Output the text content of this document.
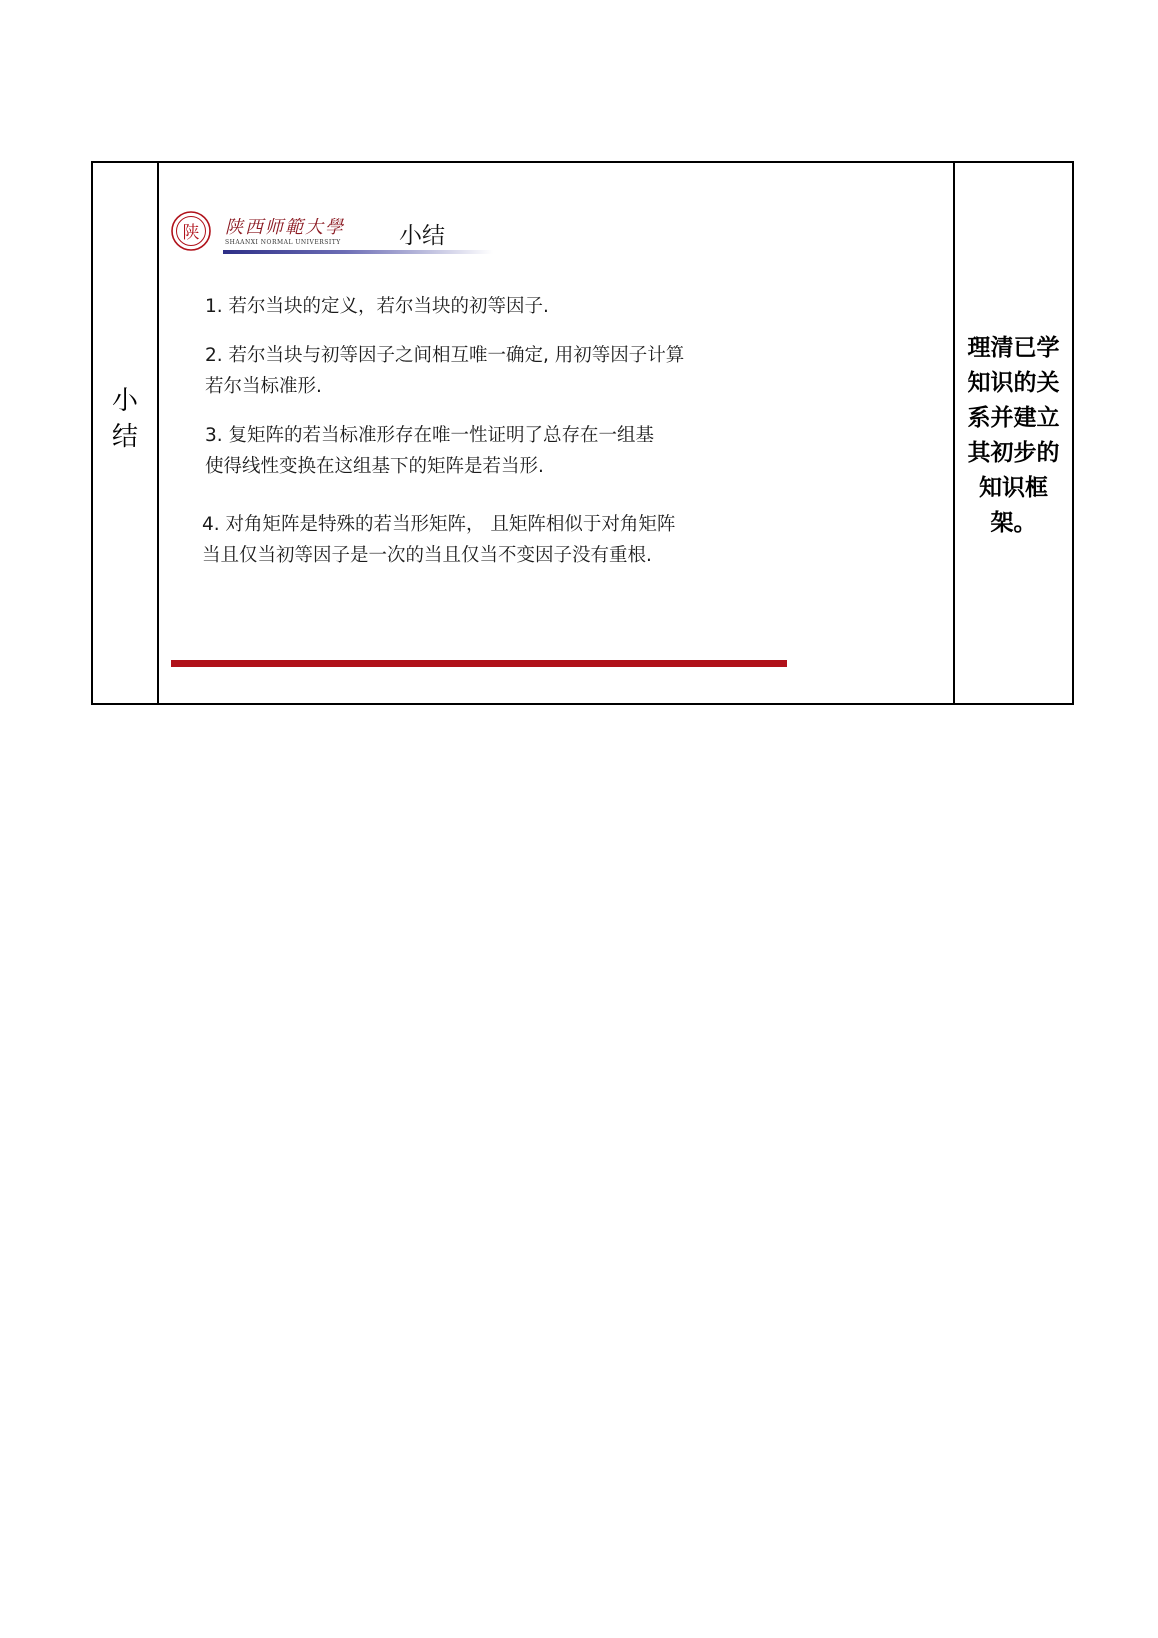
小结
陕 陕西师範大學
SHAANXI NORMAL UNIVERSITY	小结
1. 若尔当块的定义，若尔当块的初等因子.
2. 若尔当块与初等因子之间相互唯一确定, 用初等因子计算
若尔当标准形.
3. 复矩阵的若当标准形存在唯一性证明了总存在一组基
使得线性变换在这组基下的矩阵是若当形.
4. 对角矩阵是特殊的若当形矩阵， 且矩阵相似于对角矩阵
当且仅当初等因子是一次的当且仅当不变因子没有重根.
理清已学知识的关系并建立其初步的知识框架。
